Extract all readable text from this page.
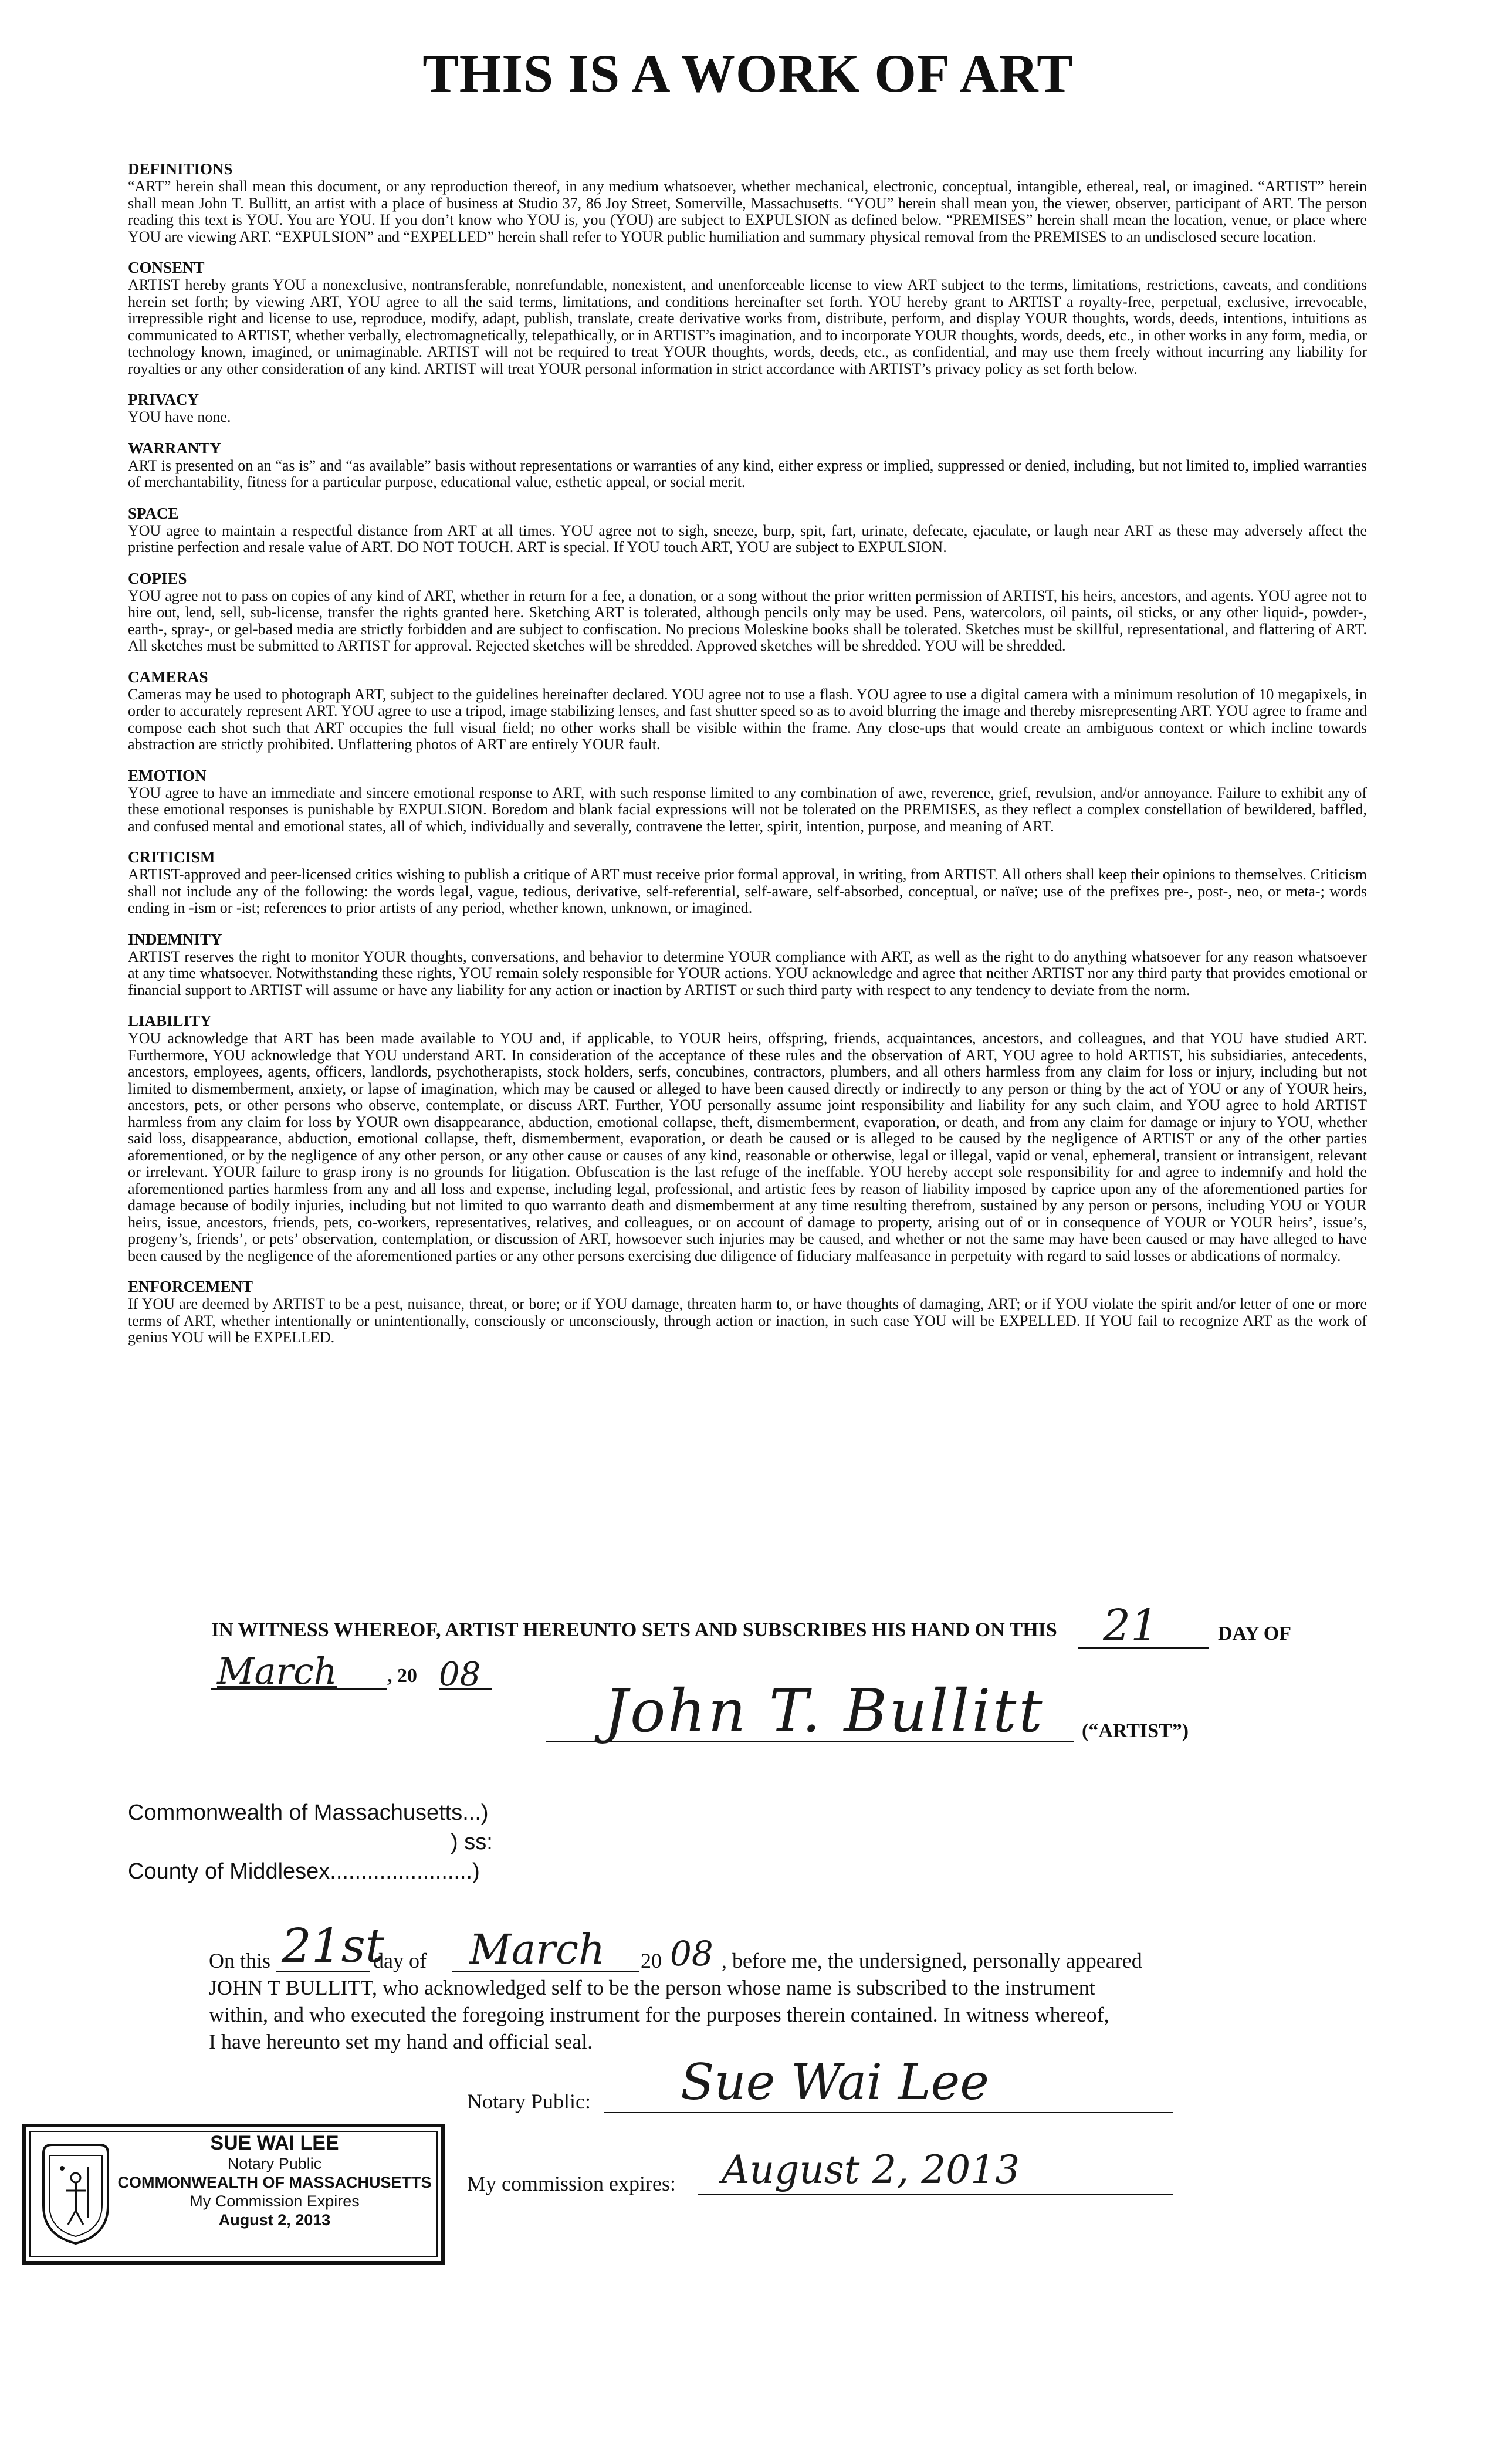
THIS IS A WORK OF ART
DEFINITIONS

“ART” herein shall mean this document, or any reproduction thereof, in any medium whatsoever, whether mechanical, electronic, conceptual, intangible, ethereal, real, or imagined. “ARTIST” herein shall mean John T. Bullitt, an artist with a place of business at Studio 37, 86 Joy Street, Somerville, Massachusetts. “YOU” herein shall mean you, the viewer, observer, participant of ART. The person reading this text is YOU. You are YOU. If you don’t know who YOU is, you (YOU) are subject to EXPULSION as defined below. “PREMISES” herein shall mean the location, venue, or place where YOU are viewing ART. “EXPULSION” and “EXPELLED” herein shall refer to YOUR public humiliation and summary physical removal from the PREMISES to an undisclosed secure location.

CONSENT

ARTIST hereby grants YOU a nonexclusive, nontransferable, nonrefundable, nonexistent, and unenforceable license to view ART subject to the terms, limitations, restrictions, caveats, and conditions herein set forth; by viewing ART, YOU agree to all the said terms, limitations, and conditions hereinafter set forth. YOU hereby grant to ARTIST a royalty-free, perpetual, exclusive, irrevocable, irrepressible right and license to use, reproduce, modify, adapt, publish, translate, create derivative works from, distribute, perform, and display YOUR thoughts, words, deeds, intentions, intuitions as communicated to ARTIST, whether verbally, electromagnetically, telepathically, or in ARTIST’s imagination, and to incorporate YOUR thoughts, words, deeds, etc., in other works in any form, media, or technology known, imagined, or unimaginable. ARTIST will not be required to treat YOUR thoughts, words, deeds, etc., as confidential, and may use them freely without incurring any liability for royalties or any other consideration of any kind. ARTIST will treat YOUR personal information in strict accordance with ARTIST’s privacy policy as set forth below.

PRIVACY

YOU have none.

WARRANTY

ART is presented on an “as is” and “as available” basis without representations or warranties of any kind, either express or implied, suppressed or denied, including, but not limited to, implied warranties of merchantability, fitness for a particular purpose, educational value, esthetic appeal, or social merit.

SPACE

YOU agree to maintain a respectful distance from ART at all times. YOU agree not to sigh, sneeze, burp, spit, fart, urinate, defecate, ejaculate, or laugh near ART as these may adversely affect the pristine perfection and resale value of ART. DO NOT TOUCH. ART is special. If YOU touch ART, YOU are subject to EXPULSION.

COPIES

YOU agree not to pass on copies of any kind of ART, whether in return for a fee, a donation, or a song without the prior written permission of ARTIST, his heirs, ancestors, and agents. YOU agree not to hire out, lend, sell, sub-license, transfer the rights granted here. Sketching ART is tolerated, although pencils only may be used. Pens, watercolors, oil paints, oil sticks, or any other liquid-, powder-, earth-, spray-, or gel-based media are strictly forbidden and are subject to confiscation. No precious Moleskine books shall be tolerated. Sketches must be skillful, representational, and flattering of ART. All sketches must be submitted to ARTIST for approval. Rejected sketches will be shredded. Approved sketches will be shredded. YOU will be shredded.

CAMERAS

Cameras may be used to photograph ART, subject to the guidelines hereinafter declared. YOU agree not to use a flash. YOU agree to use a digital camera with a minimum resolution of 10 megapixels, in order to accurately represent ART. YOU agree to use a tripod, image stabilizing lenses, and fast shutter speed so as to avoid blurring the image and thereby misrepresenting ART. YOU agree to frame and compose each shot such that ART occupies the full visual field; no other works shall be visible within the frame. Any close-ups that would create an ambiguous context or which incline towards abstraction are strictly prohibited. Unflattering photos of ART are entirely YOUR fault.

EMOTION

YOU agree to have an immediate and sincere emotional response to ART, with such response limited to any combination of awe, reverence, grief, revulsion, and/or annoyance. Failure to exhibit any of these emotional responses is punishable by EXPULSION. Boredom and blank facial expressions will not be tolerated on the PREMISES, as they reflect a complex constellation of bewildered, baffled, and confused mental and emotional states, all of which, individually and severally, contravene the letter, spirit, intention, purpose, and meaning of ART.

CRITICISM

ARTIST-approved and peer-licensed critics wishing to publish a critique of ART must receive prior formal approval, in writing, from ARTIST. All others shall keep their opinions to themselves. Criticism shall not include any of the following: the words legal, vague, tedious, derivative, self-referential, self-aware, self-absorbed, conceptual, or naïve; use of the prefixes pre-, post-, neo, or meta-; words ending in -ism or -ist; references to prior artists of any period, whether known, unknown, or imagined.

INDEMNITY

ARTIST reserves the right to monitor YOUR thoughts, conversations, and behavior to determine YOUR compliance with ART, as well as the right to do anything whatsoever for any reason whatsoever at any time whatsoever. Notwithstanding these rights, YOU remain solely responsible for YOUR actions. YOU acknowledge and agree that neither ARTIST nor any third party that provides emotional or financial support to ARTIST will assume or have any liability for any action or inaction by ARTIST or such third party with respect to any tendency to deviate from the norm.

LIABILITY

YOU acknowledge that ART has been made available to YOU and, if applicable, to YOUR heirs, offspring, friends, acquaintances, ancestors, and colleagues, and that YOU have studied ART. Furthermore, YOU acknowledge that YOU understand ART. In consideration of the acceptance of these rules and the observation of ART, YOU agree to hold ARTIST, his subsidiaries, antecedents, ancestors, employees, agents, officers, landlords, psychotherapists, stock holders, serfs, concubines, contractors, plumbers, and all others harmless from any claim for loss or injury, including but not limited to dismemberment, anxiety, or lapse of imagination, which may be caused or alleged to have been caused directly or indirectly to any person or thing by the act of YOU or any of YOUR heirs, ancestors, pets, or other persons who observe, contemplate, or discuss ART. Further, YOU personally assume joint responsibility and liability for any such claim, and YOU agree to hold ARTIST harmless from any claim for loss by YOUR own disappearance, abduction, emotional collapse, theft, dismemberment, evaporation, or death, and from any claim for damage or injury to YOU, whether said loss, disappearance, abduction, emotional collapse, theft, dismemberment, evaporation, or death be caused or is alleged to be caused by the negligence of ARTIST or any of the other parties aforementioned, or by the negligence of any other person, or any other cause or causes of any kind, reasonable or otherwise, legal or illegal, vapid or venal, ephemeral, transient or intransigent, relevant or irrelevant. YOUR failure to grasp irony is no grounds for litigation. Obfuscation is the last refuge of the ineffable. YOU hereby accept sole responsibility for and agree to indemnify and hold the aforementioned parties harmless from any and all loss and expense, including legal, professional, and artistic fees by reason of liability imposed by caprice upon any of the aforementioned parties for damage because of bodily injuries, including but not limited to quo warranto death and dismemberment at any time resulting therefrom, sustained by any person or persons, including YOU or YOUR heirs, issue, ancestors, friends, pets, co-workers, representatives, relatives, and colleagues, or on account of damage to property, arising out of or in consequence of YOUR or YOUR heirs’, issue’s, progeny’s, friends’, or pets’ observation, contemplation, or discussion of ART, howsoever such injuries may be caused, and whether or not the same may have been caused or may have alleged to have been caused by the negligence of the aforementioned parties or any other persons exercising due diligence of fiduciary malfeasance in perpetuity with regard to said losses or abdications of normalcy.

ENFORCEMENT

If YOU are deemed by ARTIST to be a pest, nuisance, threat, or bore; or if YOU damage, threaten harm to, or have thoughts of damaging, ART; or if YOU violate the spirit and/or letter of one or more terms of ART, whether intentionally or unintentionally, consciously or unconsciously, through action or inaction, in such case YOU will be EXPELLED. If YOU fail to recognize ART as the work of genius YOU will be EXPELLED.

IN WITNESS WHEREOF, ARTIST HEREUNTO SETS AND SUBSCRIBES HIS HAND ON THIS 21	DAY OF
March	, 20 08
John T. Bullitt (“ARTIST”)
Commonwealth of Massachusetts...)
) ss:
County of Middlesex.......................)
On this 21st
day of March 20 08 , before me, the undersigned, personally appeared
JOHN T BULLITT, who acknowledged self to be the person whose name is subscribed to the instrument
within, and who executed the foregoing instrument for the purposes therein contained. In witness whereof,
I have hereunto set my hand and official seal.
Notary Public: Sue Wai Lee
My commission expires: August 2, 2013
SUE WAI LEE
Notary Public
COMMONWEALTH OF MASSACHUSETTS
My Commission Expires
August 2, 2013
